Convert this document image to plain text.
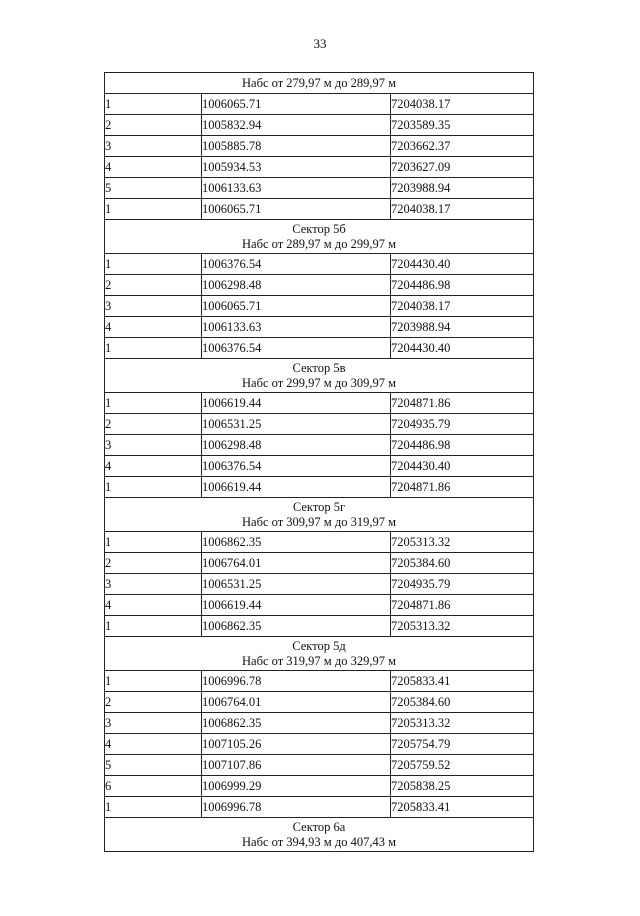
33
Набс от 279,97 м до 289,97 м		

1	1006065.71	7204038.17
2	1005832.94	7203589.35
3	1005885.78	7203662.37
4	1005934.53	7203627.09
5	1006133.63	7203988.94
1	1006065.71	7204038.17

Сектор 5б
Набс от 289,97 м до 299,97 м		

1	1006376.54	7204430.40
2	1006298.48	7204486.98
3	1006065.71	7204038.17
4	1006133.63	7203988.94
1	1006376.54	7204430.40

Сектор 5в
Набс от 299,97 м до 309,97 м		

1	1006619.44	7204871.86
2	1006531.25	7204935.79
3	1006298.48	7204486.98
4	1006376.54	7204430.40
1	1006619.44	7204871.86

Сектор 5г
Набс от 309,97 м до 319,97 м		

1	1006862.35	7205313.32
2	1006764.01	7205384.60
3	1006531.25	7204935.79
4	1006619.44	7204871.86
1	1006862.35	7205313.32

Сектор 5д
Набс от 319,97 м до 329,97 м		

1	1006996.78	7205833.41
2	1006764.01	7205384.60
3	1006862.35	7205313.32
4	1007105.26	7205754.79
5	1007107.86	7205759.52
6	1006999.29	7205838.25
1	1006996.78	7205833.41

Сектор 6а
Набс от 394,93 м до 407,43 м		
